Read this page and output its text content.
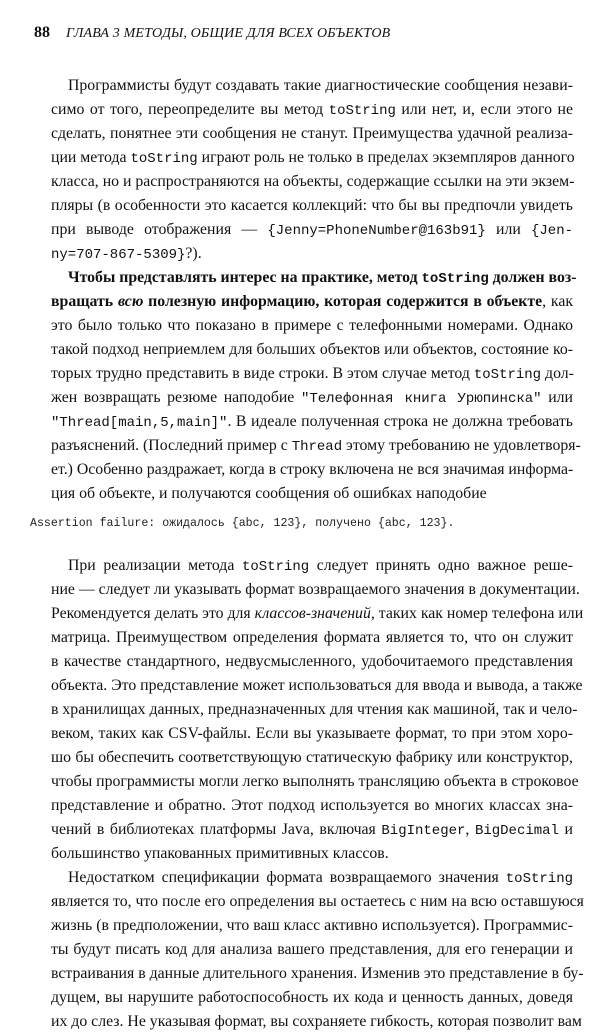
88 ГЛАВА 3 МЕТОДЫ, ОБЩИЕ ДЛЯ ВСЕХ ОБЪЕКТОВ
Программисты будут создавать такие диагностические сообщения незави-
симо от того, переопределите вы метод toString или нет, и, если этого не
сделать, понятнее эти сообщения не станут. Преимущества удачной реализа-
ции метода toString играют роль не только в пределах экземпляров данного
класса, но и распространяются на объекты, содержащие ссылки на эти экзем-
пляры (в особенности это касается коллекций: что бы вы предпочли увидеть
при выводе отображения — {Jenny=PhoneNumber@163b91} или {Jen-
ny=707-867-5309}?).
Чтобы представлять интерес на практике, метод toString должен воз-
вращать всю полезную информацию, которая содержится в объекте, как
это было только что показано в примере с телефонными номерами. Однако
такой подход неприемлем для больших объектов или объектов, состояние ко-
торых трудно представить в виде строки. В этом случае метод toString дол-
жен возвращать резюме наподобие "Телефонная книга Урюпинска" или
"Thread[main,5,main]". В идеале полученная строка не должна требовать
разъяснений. (Последний пример с Thread этому требованию не удовлетворя-
ет.) Особенно раздражает, когда в строку включена не вся значимая информа-
ция об объекте, и получаются сообщения об ошибках наподобие
Assertion failure: ожидалось {abc, 123}, получено {abc, 123}.
При реализации метода toString следует принять одно важное реше-
ние — следует ли указывать формат возвращаемого значения в документации.
Рекомендуется делать это для классов-значений, таких как номер телефона или
матрица. Преимуществом определения формата является то, что он служит
в качестве стандартного, недвусмысленного, удобочитаемого представления
объекта. Это представление может использоваться для ввода и вывода, а также
в хранилищах данных, предназначенных для чтения как машиной, так и чело-
веком, таких как CSV-файлы. Если вы указываете формат, то при этом хоро-
шо бы обеспечить соответствующую статическую фабрику или конструктор,
чтобы программисты могли легко выполнять трансляцию объекта в строковое
представление и обратно. Этот подход используется во многих классах зна-
чений в библиотеках платформы Java, включая BigInteger, BigDecimal и
большинство упакованных примитивных классов.
Недостатком спецификации формата возвращаемого значения toString
является то, что после его определения вы остаетесь с ним на всю оставшуюся
жизнь (в предположении, что ваш класс активно используется). Программис-
ты будут писать код для анализа вашего представления, для его генерации и
встраивания в данные длительного хранения. Изменив это представление в бу-
дущем, вы нарушите работоспособность их кода и ценность данных, доведя
их до слез. Не указывая формат, вы сохраняете гибкость, которая позволит вам
